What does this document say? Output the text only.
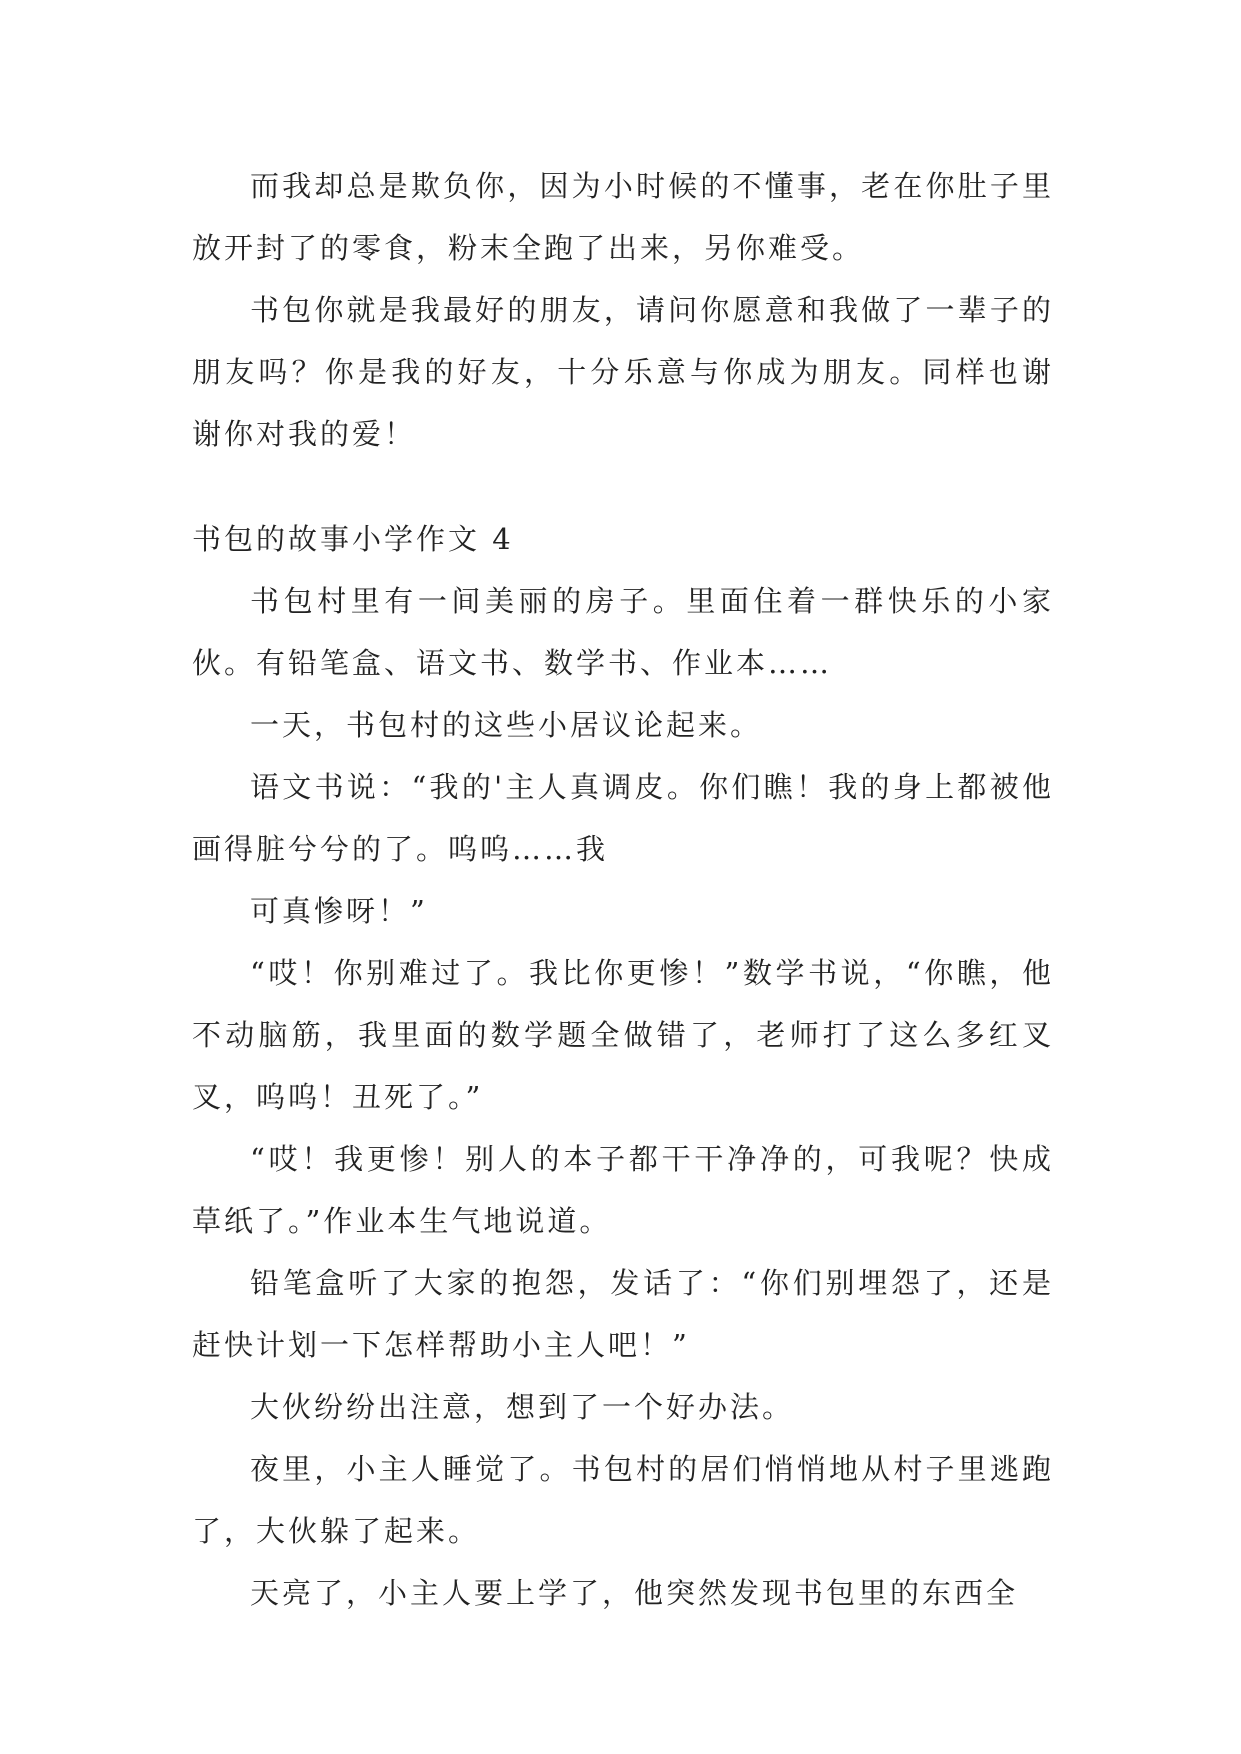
而我却总是欺负你，因为小时候的不懂事，老在你肚子里放开封了的零食，粉末全跑了出来，另你难受。

书包你就是我最好的朋友，请问你愿意和我做了一辈子的朋友吗？你是我的好友，十分乐意与你成为朋友。同样也谢谢你对我的爱！

书包的故事小学作文 4

书包村里有一间美丽的房子。里面住着一群快乐的小家伙。有铅笔盒、语文书、数学书、作业本……

一天，书包村的这些小居议论起来。

语文书说：“我的'主人真调皮。你们瞧！我的身上都被他画得脏兮兮的了。呜呜……我

可真惨呀！”

“哎！你别难过了。我比你更惨！”数学书说，“你瞧，他不动脑筋，我里面的数学题全做错了，老师打了这么多红叉叉，呜呜！丑死了。”

“哎！我更惨！别人的本子都干干净净的，可我呢？快成草纸了。”作业本生气地说道。

铅笔盒听了大家的抱怨，发话了：“你们别埋怨了，还是赶快计划一下怎样帮助小主人吧！”

大伙纷纷出注意，想到了一个好办法。

夜里，小主人睡觉了。书包村的居们悄悄地从村子里逃跑了，大伙躲了起来。

天亮了，小主人要上学了，他突然发现书包里的东西全
